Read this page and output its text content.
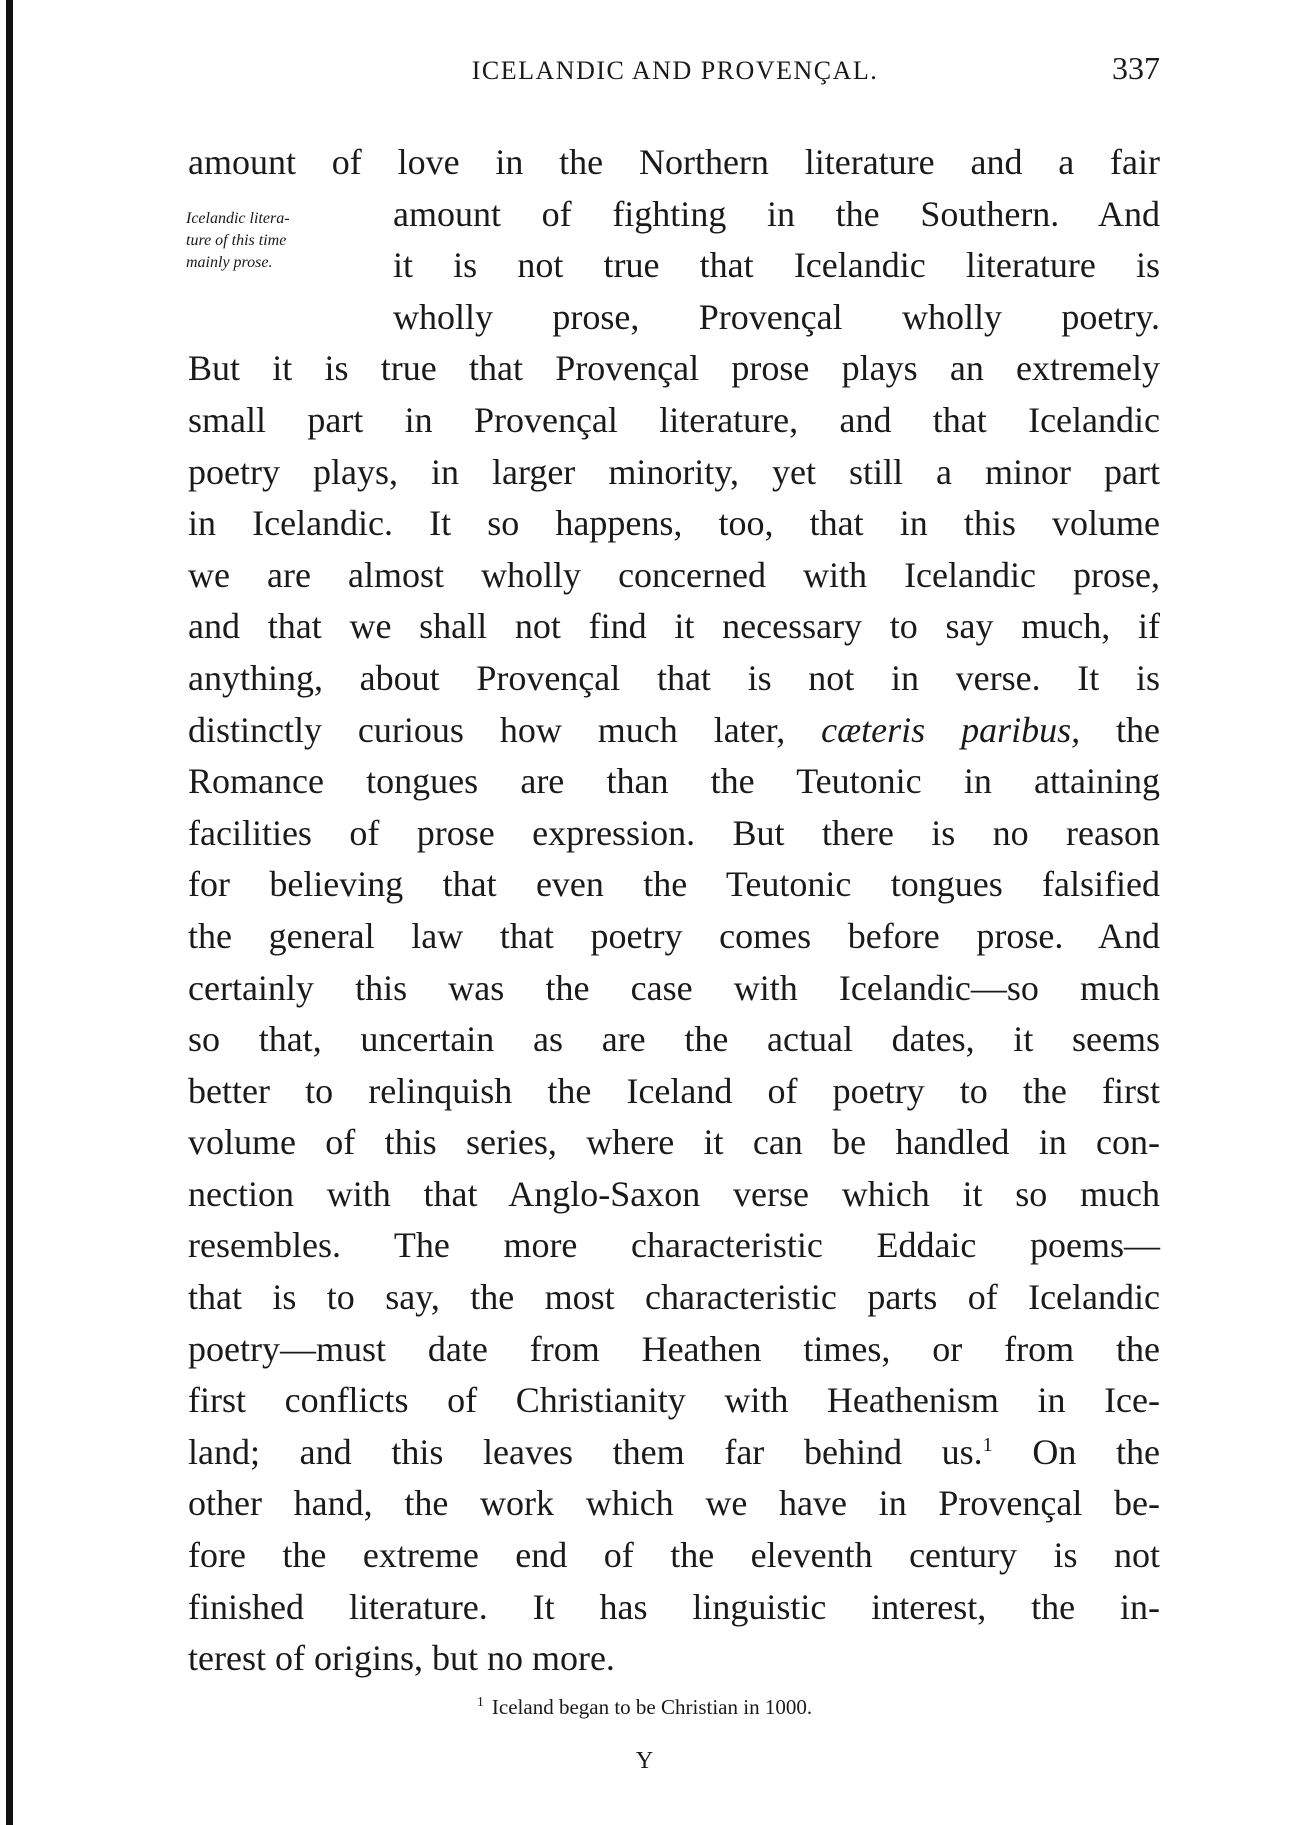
ICELANDIC AND PROVENÇAL.	337
Icelandic litera-
ture of this time
mainly prose.
amount of love in the Northern literature and a fair
amount of fighting in the Southern. And
it is not true that Icelandic literature is
wholly prose, Provençal wholly poetry.
But it is true that Provençal prose plays an extremely
small part in Provençal literature, and that Icelandic
poetry plays, in larger minority, yet still a minor part
in Icelandic. It so happens, too, that in this volume
we are almost wholly concerned with Icelandic prose,
and that we shall not find it necessary to say much, if
anything, about Provençal that is not in verse. It is
distinctly curious how much later, cæteris paribus, the
Romance tongues are than the Teutonic in attaining
facilities of prose expression. But there is no reason
for believing that even the Teutonic tongues falsified
the general law that poetry comes before prose. And
certainly this was the case with Icelandic—so much
so that, uncertain as are the actual dates, it seems
better to relinquish the Iceland of poetry to the first
volume of this series, where it can be handled in con-
nection with that Anglo-Saxon verse which it so much
resembles. The more characteristic Eddaic poems—
that is to say, the most characteristic parts of Icelandic
poetry—must date from Heathen times, or from the
first conflicts of Christianity with Heathenism in Ice-
land; and this leaves them far behind us.$^1$ On the
other hand, the work which we have in Provençal be-
fore the extreme end of the eleventh century is not
finished literature. It has linguistic interest, the in-
terest of origins, but no more.
$^1$ Iceland began to be Christian in 1000.
Y
